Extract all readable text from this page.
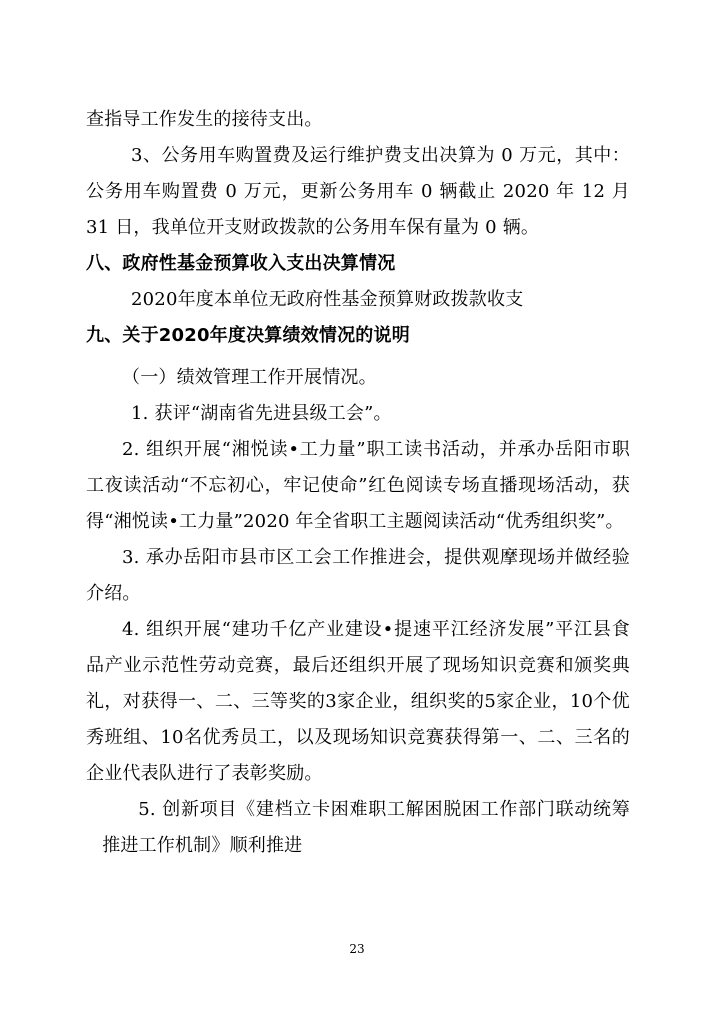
查指导工作发生的接待支出。

3、公务用车购置费及运行维护费支出决算为 0 万元，其中：公务用车购置费 0 万元，更新公务用车 0 辆截止 2020 年 12 月 31 日，我单位开支财政拨款的公务用车保有量为 0 辆。

八、政府性基金预算收入支出决算情况

2020年度本单位无政府性基金预算财政拨款收支

九、关于2020年度决算绩效情况的说明

（一）绩效管理工作开展情况。

1. 获评“湖南省先进县级工会”。

2. 组织开展“湘悦读•工力量”职工读书活动，并承办岳阳市职工夜读活动“不忘初心，牢记使命”红色阅读专场直播现场活动，获得“湘悦读•工力量”2020 年全省职工主题阅读活动“优秀组织奖”。

3. 承办岳阳市县市区工会工作推进会，提供观摩现场并做经验介绍。

4. 组织开展“建功千亿产业建设•提速平江经济发展”平江县食品产业示范性劳动竞赛，最后还组织开展了现场知识竞赛和颁奖典礼，对获得一、二、三等奖的3家企业，组织奖的5家企业，10个优秀班组、10名优秀员工，以及现场知识竞赛获得第一、二、三名的企业代表队进行了表彰奖励。

5. 创新项目《建档立卡困难职工解困脱困工作部门联动统筹推进工作机制》顺利推进

23
